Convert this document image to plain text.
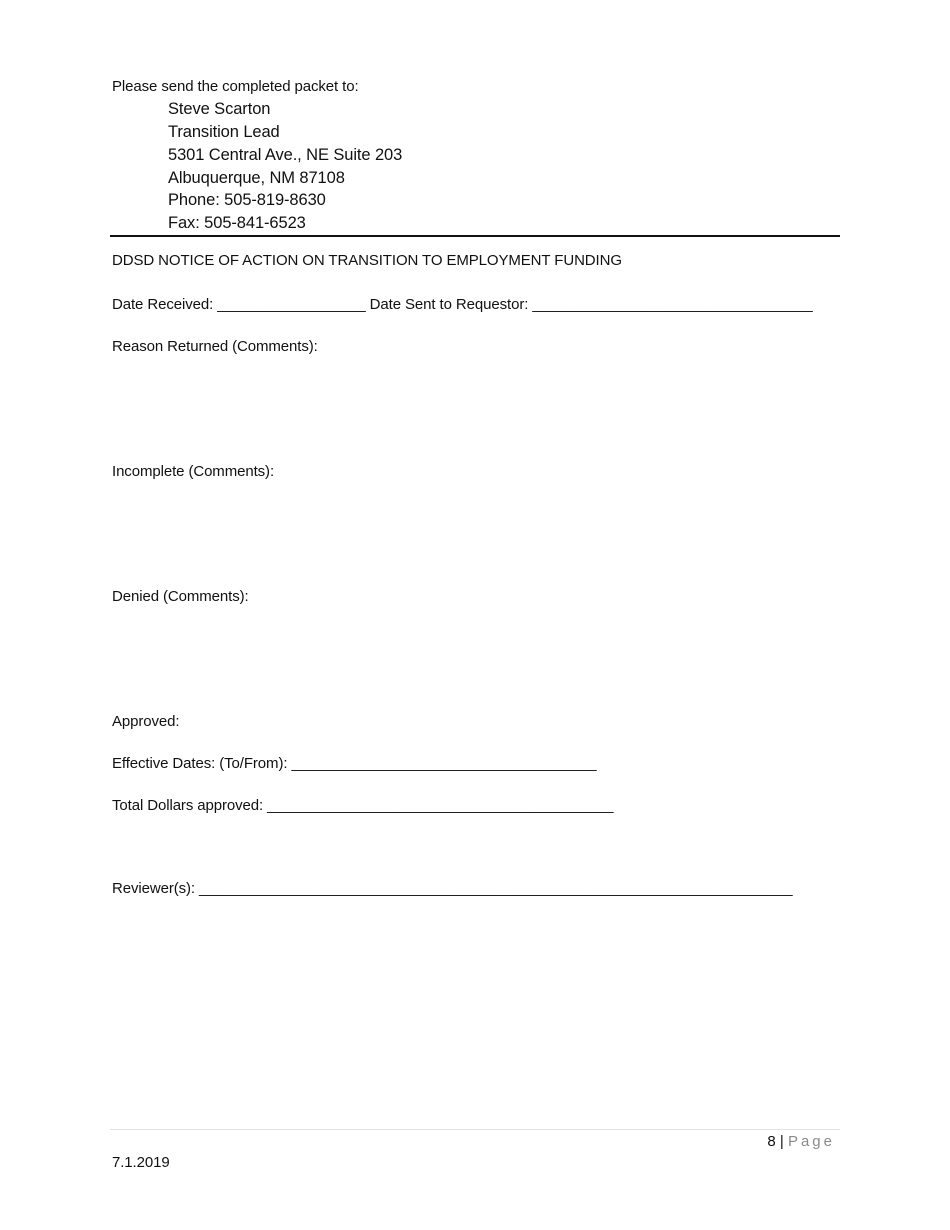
Please send the completed packet to:
Steve Scarton
Transition Lead
5301 Central Ave., NE Suite 203
Albuquerque, NM 87108
Phone: 505-819-8630
Fax: 505-841-6523
DDSD NOTICE OF ACTION ON TRANSITION TO EMPLOYMENT FUNDING
Date Received: __________________ Date Sent to Requestor: __________________________________
Reason Returned (Comments):
Incomplete (Comments):
Denied (Comments):
Approved:
Effective Dates: (To/From): _____________________________________
Total Dollars approved: __________________________________________
Reviewer(s): ________________________________________________________________________
8 | Page
7.1.2019
